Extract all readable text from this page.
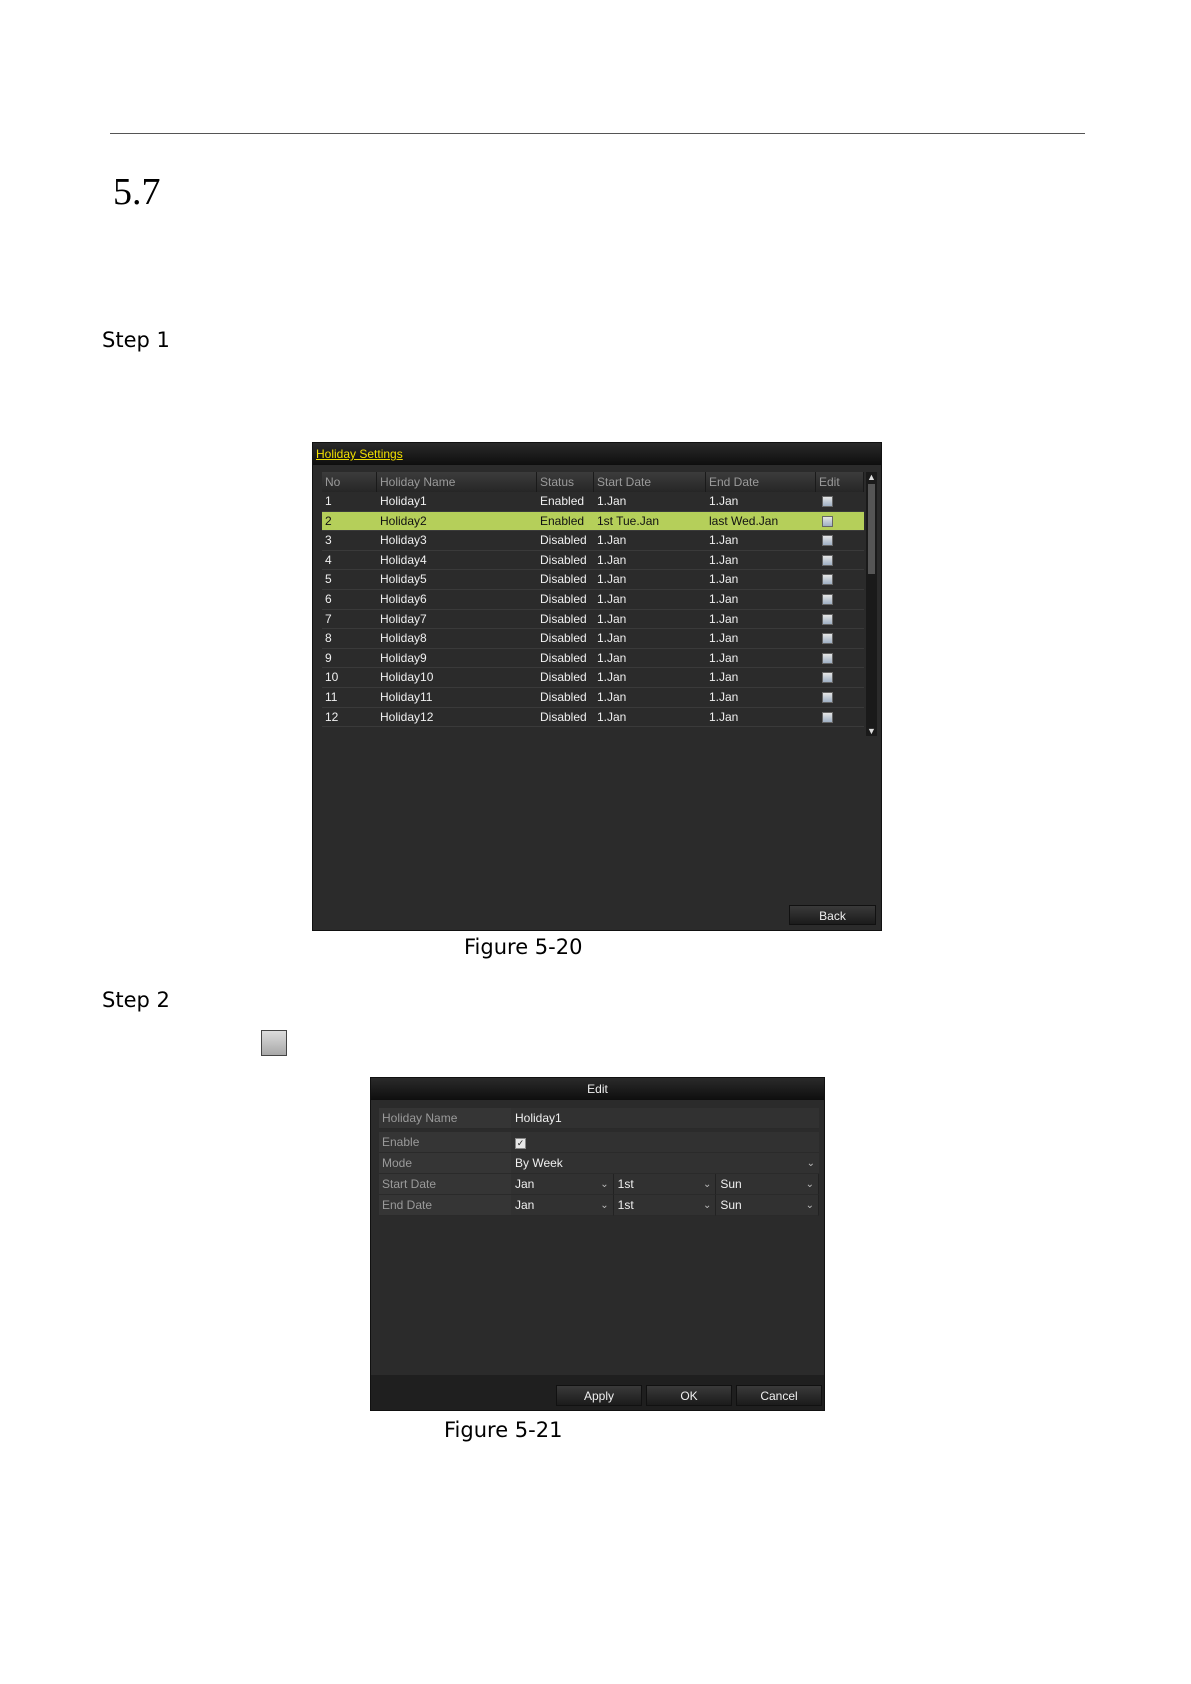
5.7
Step 1
Holiday Settings
No	Holiday Name	Status	Start Date	End Date	Edit
1	Holiday1	Enabled	1.Jan	1.Jan
2	Holiday2	Enabled	1st Tue.Jan	last Wed.Jan
3	Holiday3	Disabled 1.Jan	1.Jan
4	Holiday4	Disabled 1.Jan	1.Jan
5	Holiday5	Disabled 1.Jan	1.Jan
6	Holiday6	Disabled 1.Jan	1.Jan
7	Holiday7	Disabled 1.Jan	1.Jan
8	Holiday8	Disabled 1.Jan	1.Jan
9	Holiday9	Disabled 1.Jan	1.Jan
10	Holiday10	Disabled 1.Jan	1.Jan
11	Holiday11	Disabled 1.Jan	1.Jan
12	Holiday12	Disabled 1.Jan	1.Jan
▲
▼
Back
Figure 5-20
Step 2
Edit
Holiday Name	Holiday1
Enable	✓
Mode	By Week	⌄
Start Date	Jan	⌄ 1st	⌄ Sun	⌄
End Date	Jan	⌄ 1st	⌄ Sun	⌄
Apply	OK	Cancel
Figure 5-21
